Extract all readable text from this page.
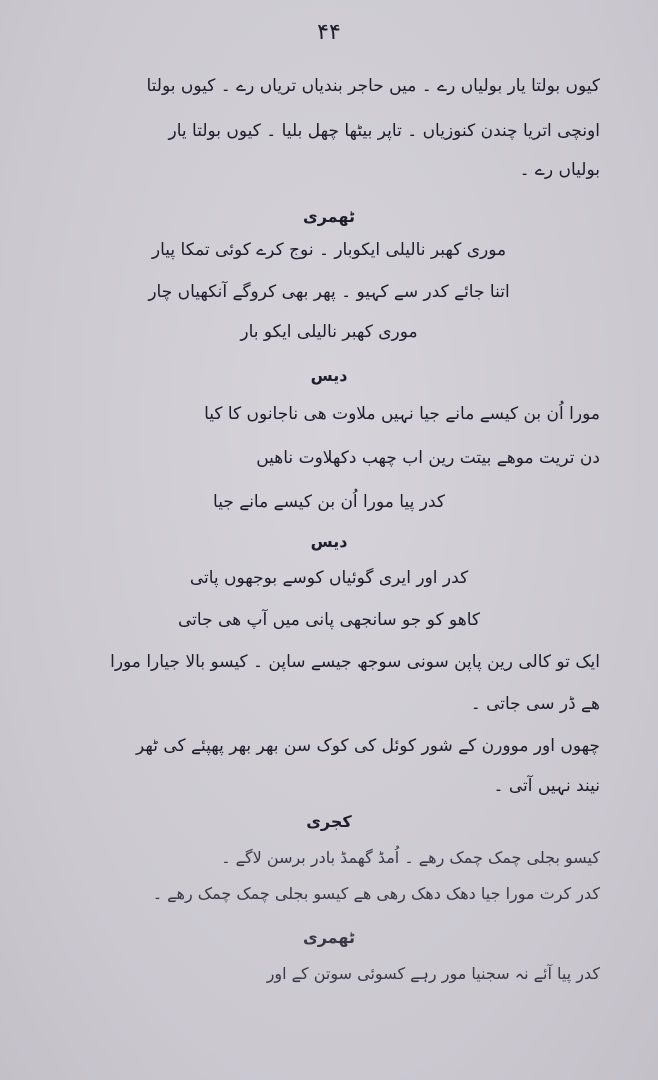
۴۴
کیوں بولتا یار بولیاں رے ۔ میں حاجر بندیاں تریاں رے ۔ کیوں بولتا
اونچی اتریا چندن کنوزیاں ۔ تاپر بیٹھا چھل بلیا ۔ کیوں بولتا یار
بولیاں رے ۔
ٹھمری
موری کھبر نالیلی ایکوبار ۔ نوج کرے کوئی تمکا پیار
اتنا جائے کدر سے کہیو ۔ پھر بھی کروگے آنکھیاں چار
موری کھبر نالیلی ایکو بار
دیس
مورا اُن بن کیسے مانے جیا نہیں ملاوت ھی ناجانوں کا کیا
دن تریت موھے بیتت رین اب چھب دکھلاوت ناھیں
کدر پیا مورا اُن بن کیسے مانے جیا
دیس
کدر اور ایری گوئیاں کوسے بوجھوں پاتی
کاھو کو جو سانجھی پانی میں آپ ھی جاتی
ایک تو کالی رین پاپن سونی سوجھ جیسے ساپن ۔ کیسو بالا جیارا مورا
ھے ڈر سی جاتی ۔
چھوں اور موورن کے شور کوئل کی کوک سن بھر بھر پھپئے کی ٹھر
نیند نہیں آتی ۔
کجری
کیسو بجلی چمک چمک رھے ۔ اُمڈ گھمڈ بادر برسن لاگے ۔
کدر کرت مورا جیا دھک دھک رھی ھے کیسو بجلی چمک چمک رھے ۔
ٹھمری
کدر پیا آئے نہ سجنیا مور رہے کسوئی سوتن کے اور
